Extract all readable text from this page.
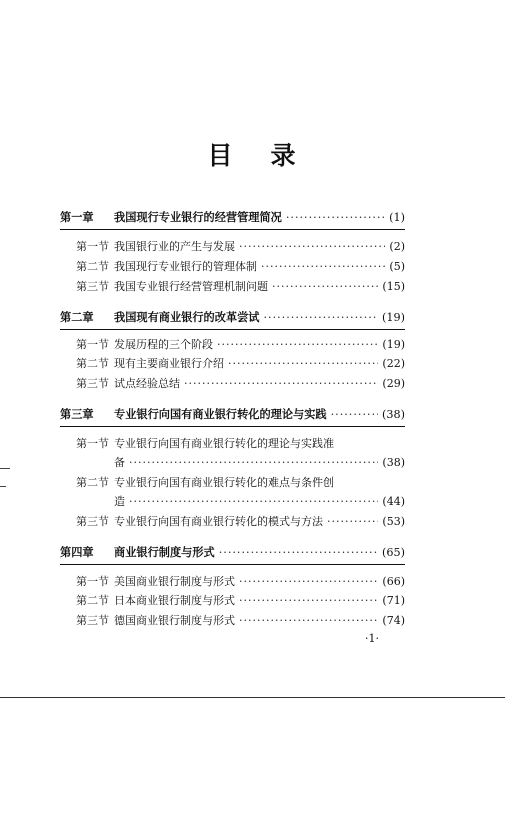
目 录
第一章	我国现行专业银行的经营管理简况 ·····	(1)
第一节 我国银行业的产生与发展 ·····	(2)
第二节 我国现行专业银行的管理体制 ·····	(5)
第三节 我国专业银行经营管理机制问题 ·····	(15)
第二章	我国现有商业银行的改革尝试 ·····	(19)
第一节 发展历程的三个阶段 ·····	(19)
第二节 现有主要商业银行介绍 ·····	(22)
第三节 试点经验总结 ·····	(29)
第三章	专业银行向国有商业银行转化的理论与实践 ·····	(38)
第一节 专业银行向国有商业银行转化的理论与实践准
备 ·····	(38)
第二节 专业银行向国有商业银行转化的难点与条件创
造 ·····	(44)
第三节 专业银行向国有商业银行转化的模式与方法 ·····	(53)
第四章	商业银行制度与形式 ·····	(65)
第一节 美国商业银行制度与形式 ·····	(66)
第二节 日本商业银行制度与形式 ·····	(71)
第三节 德国商业银行制度与形式 ·····	(74)
·1·
